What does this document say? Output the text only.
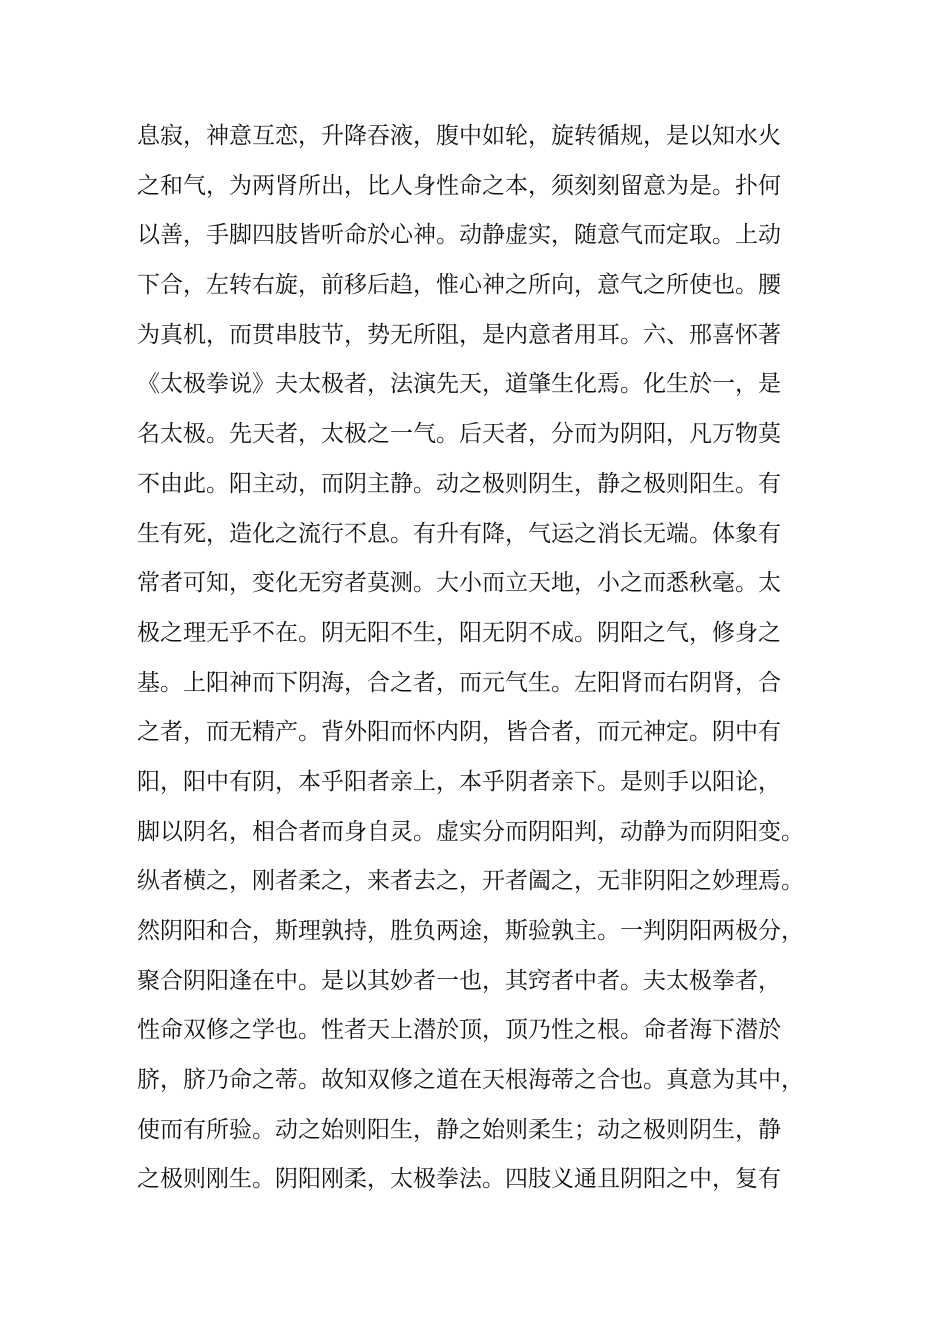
息寂，神意互恋，升降吞液，腹中如轮，旋转循规，是以知水火
之和气，为两肾所出，比人身性命之本，须刻刻留意为是。扑何
以善，手脚四肢皆听命於心神。动静虚实，随意气而定取。上动
下合，左转右旋，前移后趋，惟心神之所向，意气之所使也。腰
为真机，而贯串肢节，势无所阻，是内意者用耳。六、邢喜怀著
《太极拳说》夫太极者，法演先天，道肇生化焉。化生於一，是
名太极。先天者，太极之一气。后天者，分而为阴阳，凡万物莫
不由此。阳主动，而阴主静。动之极则阴生，静之极则阳生。有
生有死，造化之流行不息。有升有降，气运之消长无端。体象有
常者可知，变化无穷者莫测。大小而立天地，小之而悉秋毫。太
极之理无乎不在。阴无阳不生，阳无阴不成。阴阳之气，修身之
基。上阳神而下阴海，合之者，而元气生。左阳肾而右阴肾，合
之者，而无精产。背外阳而怀内阴，皆合者，而元神定。阴中有
阳，阳中有阴，本乎阳者亲上，本乎阴者亲下。是则手以阳论，
脚以阴名，相合者而身自灵。虚实分而阴阳判，动静为而阴阳变。
纵者横之，刚者柔之，来者去之，开者阖之，无非阴阳之妙理焉。
然阴阳和合，斯理孰持，胜负两途，斯验孰主。一判阴阳两极分，
聚合阴阳逢在中。是以其妙者一也，其窍者中者。夫太极拳者，
性命双修之学也。性者天上潜於顶，顶乃性之根。命者海下潜於
脐，脐乃命之蒂。故知双修之道在天根海蒂之合也。真意为其中，
使而有所验。动之始则阳生，静之始则柔生；动之极则阴生，静
之极则刚生。阴阳刚柔，太极拳法。四肢义通且阴阳之中，复有
